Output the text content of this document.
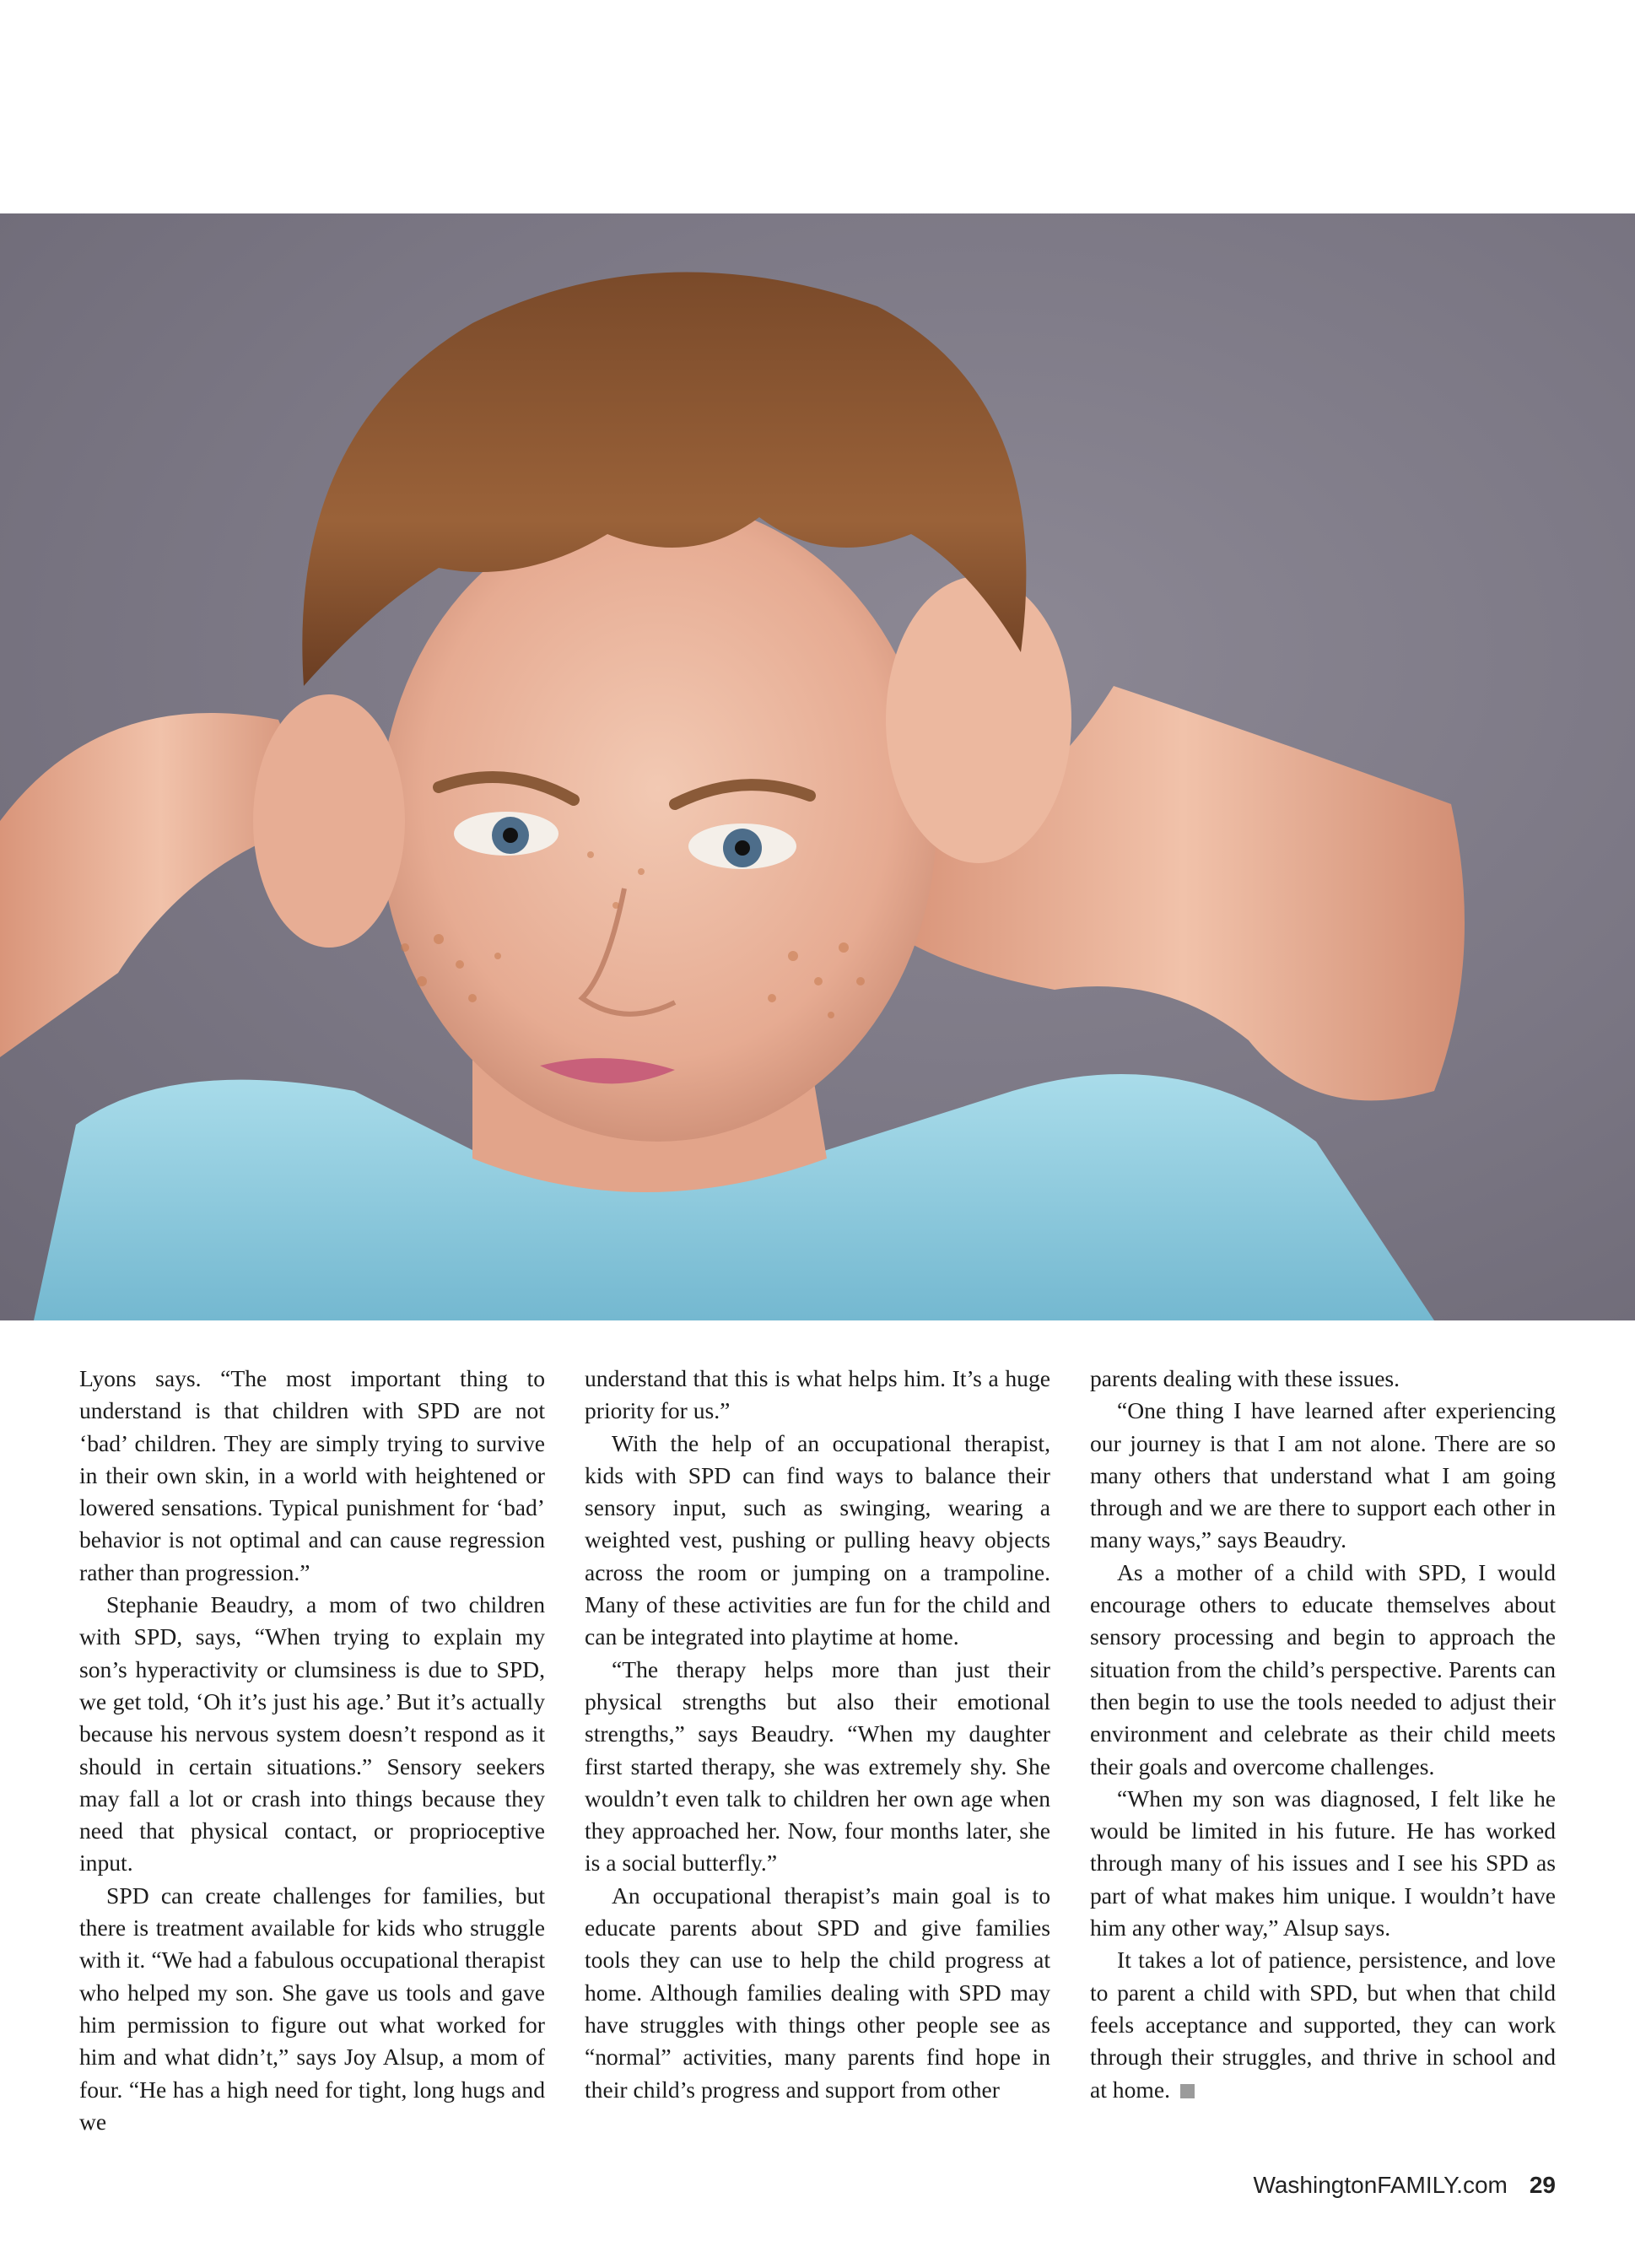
Lyons says. “The most important thing to understand is that children with SPD are not ‘bad’ children. They are simply trying to survive in their own skin, in a world with heightened or lowered sensations. Typical punishment for ‘bad’ behavior is not optimal and can cause regression rather than progression.”

Stephanie Beaudry, a mom of two children with SPD, says, “When trying to explain my son’s hyperactivity or clumsiness is due to SPD, we get told, ‘Oh it’s just his age.’ But it’s actually because his nervous system doesn’t respond as it should in certain situations.” Sensory seekers may fall a lot or crash into things because they need that physical contact, or proprioceptive input.

SPD can create challenges for families, but there is treatment available for kids who struggle with it. “We had a fabulous occupational therapist who helped my son. She gave us tools and gave him permission to figure out what worked for him and what didn’t,” says Joy Alsup, a mom of four. “He has a high need for tight, long hugs and we

understand that this is what helps him. It’s a huge priority for us.”

With the help of an occupational therapist, kids with SPD can find ways to balance their sensory input, such as swinging, wearing a weighted vest, pushing or pulling heavy objects across the room or jumping on a trampoline. Many of these activities are fun for the child and can be integrated into playtime at home.

“The therapy helps more than just their physical strengths but also their emotional strengths,” says Beaudry. “When my daughter first started therapy, she was extremely shy. She wouldn’t even talk to children her own age when they approached her. Now, four months later, she is a social butterfly.”

An occupational therapist’s main goal is to educate parents about SPD and give families tools they can use to help the child progress at home. Although families dealing with SPD may have struggles with things other people see as “normal” activities, many parents find hope in their child’s progress and support from other

parents dealing with these issues.

“One thing I have learned after experiencing our journey is that I am not alone. There are so many others that understand what I am going through and we are there to support each other in many ways,” says Beaudry.

As a mother of a child with SPD, I would encourage others to educate themselves about sensory processing and begin to approach the situation from the child’s perspective. Parents can then begin to use the tools needed to adjust their environment and celebrate as their child meets their goals and overcome challenges.

“When my son was diagnosed, I felt like he would be limited in his future. He has worked through many of his issues and I see his SPD as part of what makes him unique. I wouldn’t have him any other way,” Alsup says.

It takes a lot of patience, persistence, and love to parent a child with SPD, but when that child feels acceptance and supported, they can work through their struggles, and thrive in school and at home.

WashingtonFAMILY.com 29
